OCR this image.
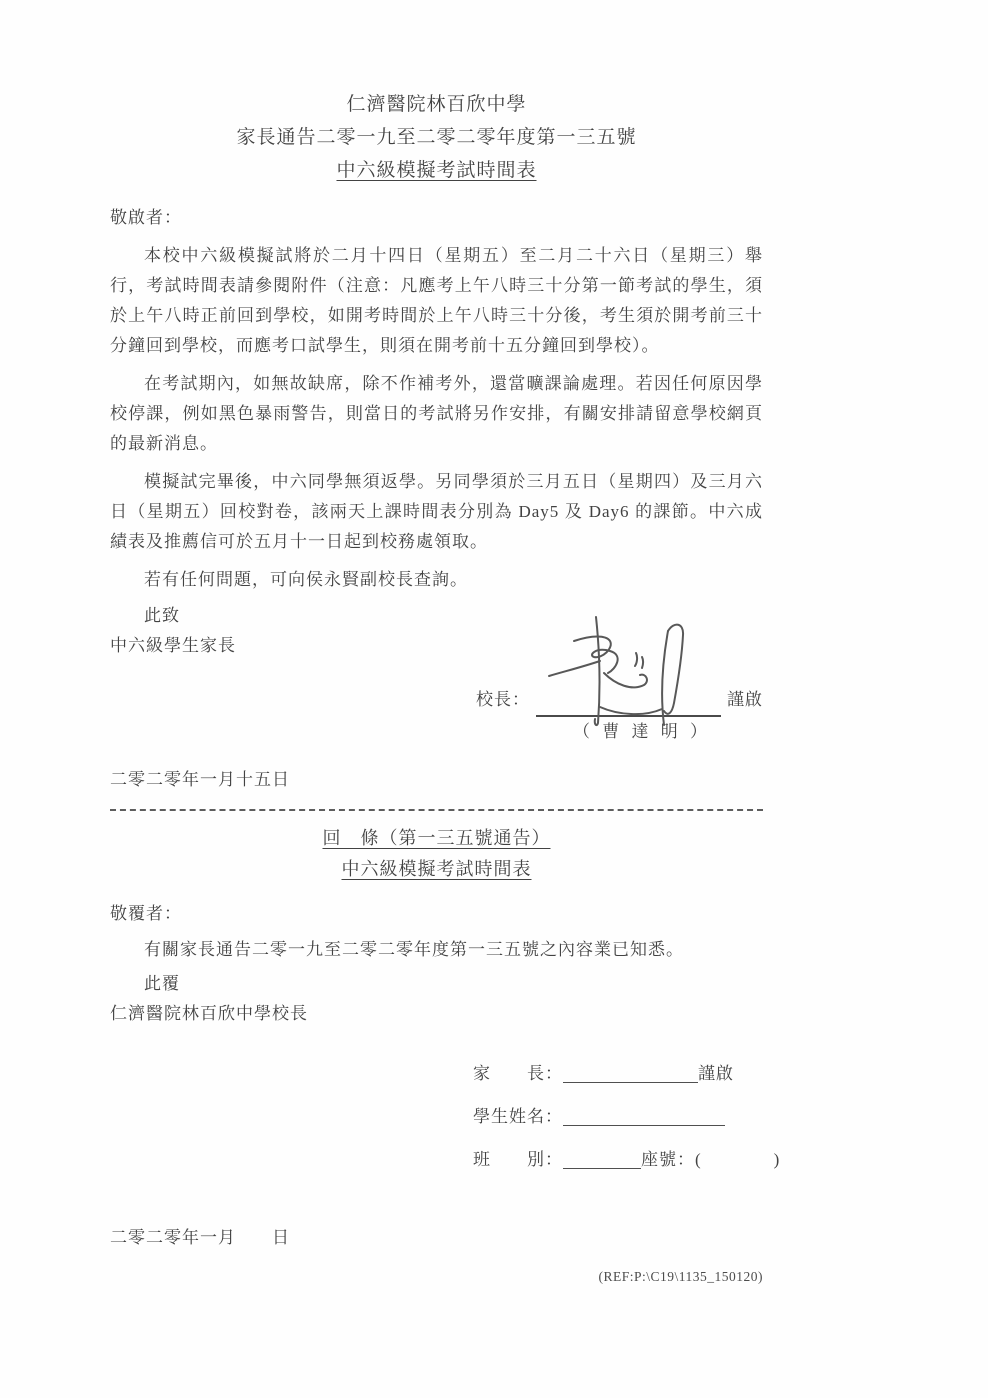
仁濟醫院林百欣中學
家長通告二零一九至二零二零年度第一三五號
中六級模擬考試時間表
敬啟者：

本校中六級模擬試將於二月十四日（星期五）至二月二十六日（星期三）舉行，考試時間表請參閱附件（注意：凡應考上午八時三十分第一節考試的學生，須於上午八時正前回到學校，如開考時間於上午八時三十分後，考生須於開考前三十分鐘回到學校，而應考口試學生，則須在開考前十五分鐘回到學校）。

在考試期內，如無故缺席，除不作補考外，還當曠課論處理。若因任何原因學校停課，例如黑色暴雨警告，則當日的考試將另作安排，有關安排請留意學校網頁的最新消息。

模擬試完畢後，中六同學無須返學。另同學須於三月五日（星期四）及三月六日（星期五）回校對卷，該兩天上課時間表分別為 Day5 及 Day6 的課節。中六成績表及推薦信可於五月十一日起到校務處領取。

若有任何問題，可向侯永賢副校長查詢。

此致
中六級學生家長
校長：	謹啟
（ 曹 達 明 ）
二零二零年一月十五日
回　條（第一三五號通告）
中六級模擬考試時間表
敬覆者：

有關家長通告二零一九至二零二零年度第一三五號之內容業已知悉。

此覆
仁濟醫院林百欣中學校長
家　　長：	謹啟
學生姓名：
班　　別：	座號：(	)
二零二零年一月 日
(REF:P:\C19\1135_150120)
